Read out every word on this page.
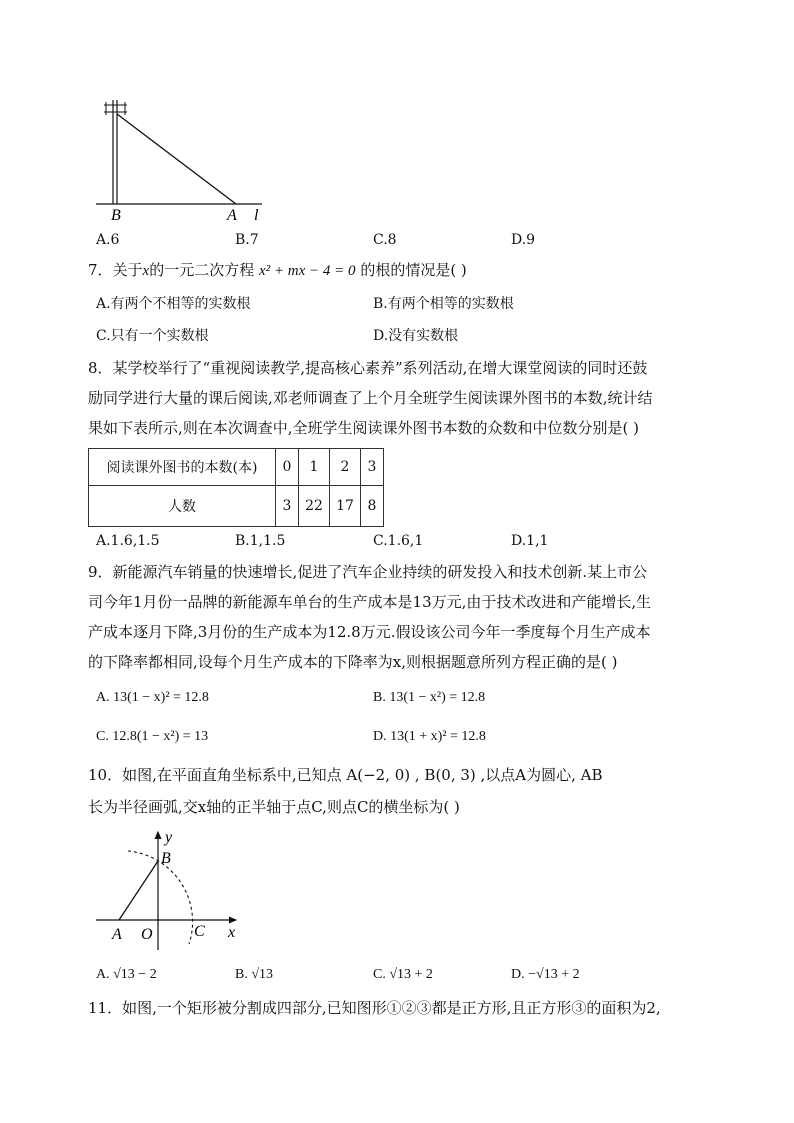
B	A l
A.6	B.7	C.8	D.9
7．关于x的一元二次方程 x² + mx − 4 = 0 的根的情况是( )
A.有两个不相等的实数根	B.有两个相等的实数根
C.只有一个实数根	D.没有实数根
8．某学校举行了“重视阅读教学,提高核心素养”系列活动,在增大课堂阅读的同时还鼓
励同学进行大量的课后阅读,邓老师调查了上个月全班学生阅读课外图书的本数,统计结
果如下表所示,则在本次调查中,全班学生阅读课外图书本数的众数和中位数分别是( )
阅读课外图书的本数(本)	0	1	2	3
人数	3	22	17	8
A.1.6,1.5	B.1,1.5	C.1.6,1	D.1,1
9．新能源汽车销量的快速增长,促进了汽车企业持续的研发投入和技术创新.某上市公
司今年1月份一品牌的新能源车单台的生产成本是13万元,由于技术改进和产能增长,生
产成本逐月下降,3月份的生产成本为12.8万元.假设该公司今年一季度每个月生产成本
的下降率都相同,设每个月生产成本的下降率为x,则根据题意所列方程正确的是( )
A. 13(1 − x)² = 12.8	B. 13(1 − x²) = 12.8
C. 12.8(1 − x²) = 13	D. 13(1 + x)² = 12.8
10．如图,在平面直角坐标系中,已知点 A(−2, 0) , B(0, 3) ,以点A为圆心, AB
长为半径画弧,交x轴的正半轴于点C,则点C的横坐标为( )
y
B
A O	C x
A. √13 − 2	B. √13	C. √13 + 2	D. −√13 + 2
11．如图,一个矩形被分割成四部分,已知图形①②③都是正方形,且正方形③的面积为2,
